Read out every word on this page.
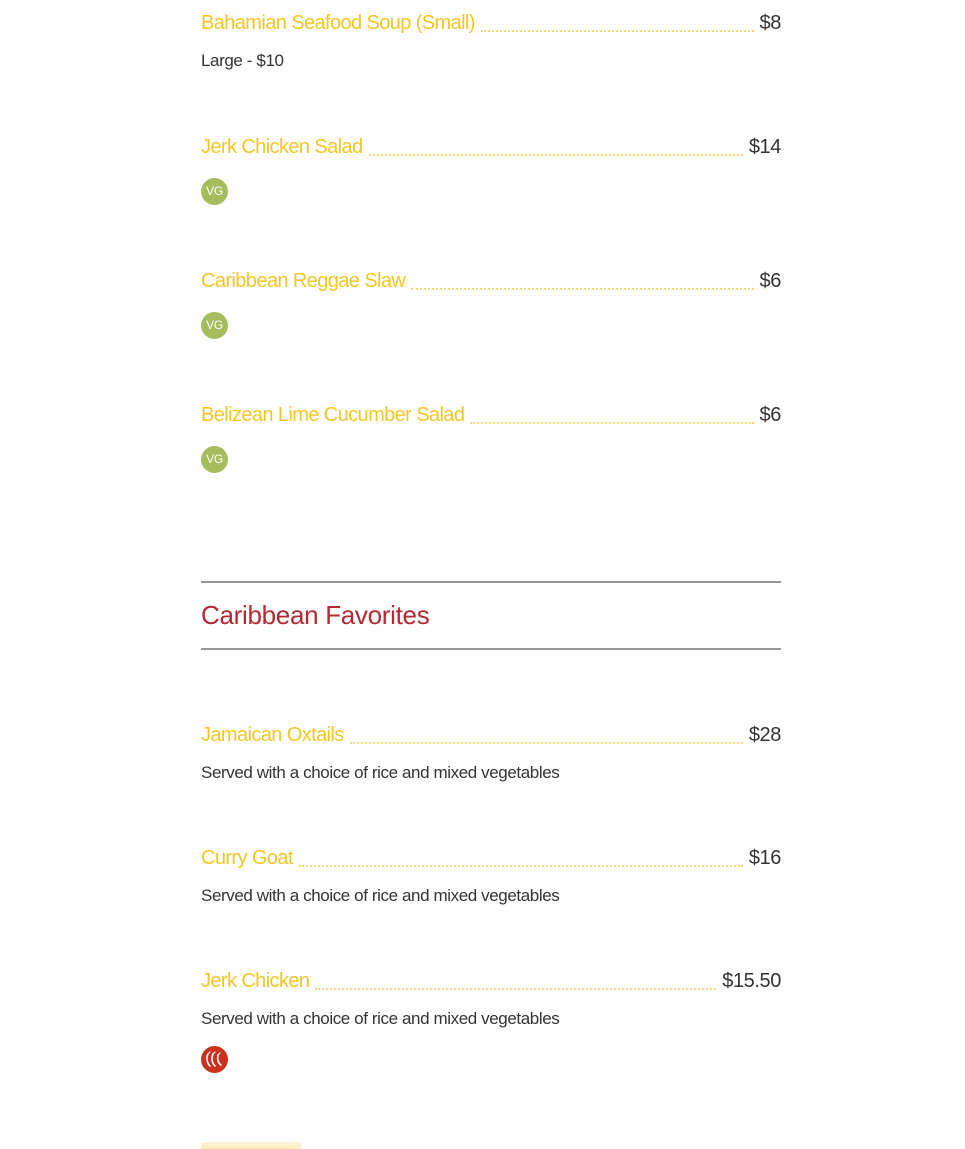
Bahamian Seafood Soup (Small)	$8
Large - $10
Jerk Chicken Salad	$14
VG
Caribbean Reggae Slaw	$6
VG
Belizean Lime Cucumber Salad	$6
VG
Caribbean Favorites
Jamaican Oxtails	$28
Served with a choice of rice and mixed vegetables
Curry Goat	$16
Served with a choice of rice and mixed vegetables
Jerk Chicken	$15.50
Served with a choice of rice and mixed vegetables
